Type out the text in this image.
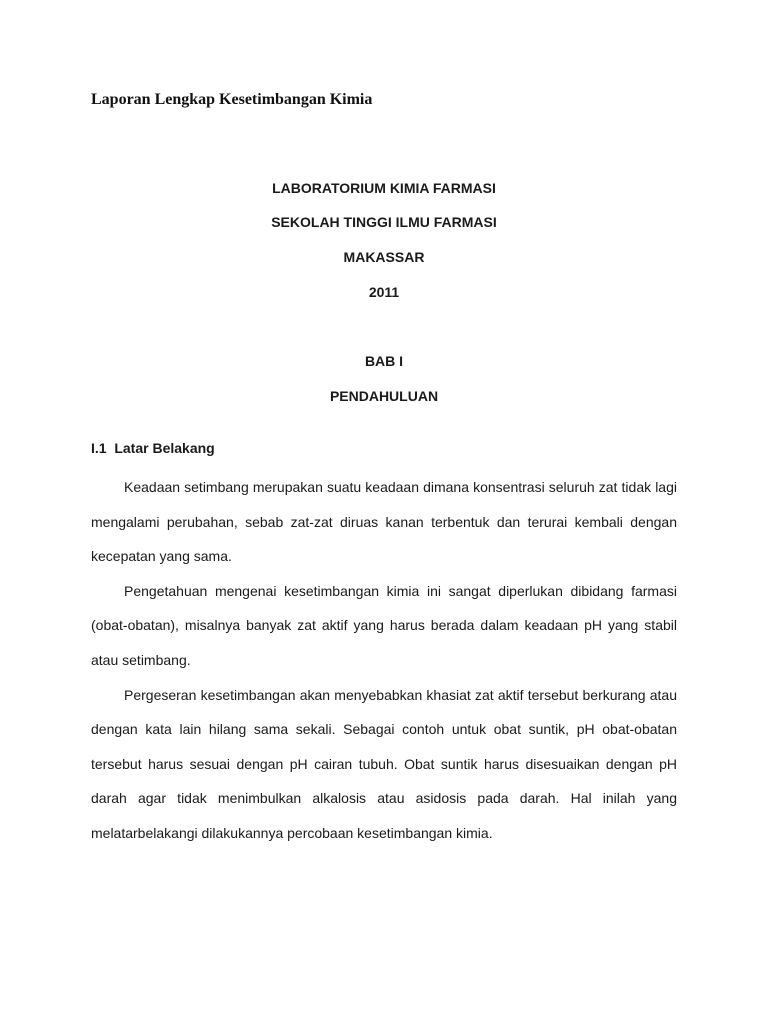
Laporan Lengkap Kesetimbangan Kimia

LABORATORIUM KIMIA FARMASI

SEKOLAH TINGGI ILMU FARMASI

MAKASSAR

2011

BAB I

PENDAHULUAN

I.1  Latar Belakang

Keadaan setimbang merupakan suatu keadaan dimana konsentrasi seluruh zat tidak lagi mengalami perubahan, sebab zat-zat diruas kanan terbentuk dan terurai kembali dengan kecepatan yang sama.

Pengetahuan mengenai kesetimbangan kimia ini sangat diperlukan dibidang farmasi (obat-obatan), misalnya banyak zat aktif yang harus berada dalam keadaan pH yang stabil atau setimbang.

Pergeseran kesetimbangan akan menyebabkan khasiat zat aktif tersebut berkurang atau dengan kata lain hilang sama sekali. Sebagai contoh untuk obat suntik, pH obat-obatan tersebut harus sesuai dengan pH cairan tubuh. Obat suntik harus disesuaikan dengan pH darah agar tidak menimbulkan alkalosis atau asidosis pada darah. Hal inilah yang melatarbelakangi dilakukannya percobaan kesetimbangan kimia.
